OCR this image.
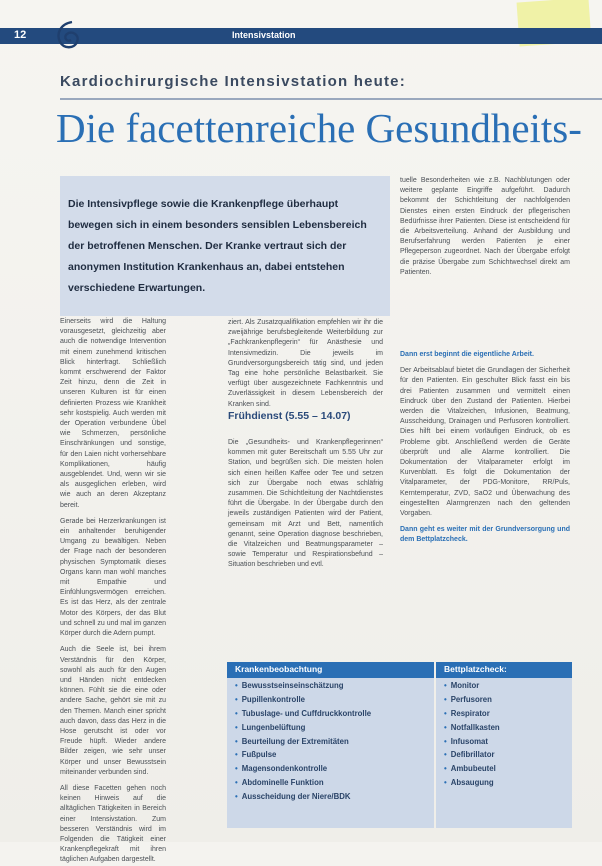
12	Intensivstation
Kardiochirurgische Intensivstation heute:
Die facettenreiche Gesundheits-
Die Intensivpflege sowie die Krankenpflege überhaupt bewegen sich in einem besonders sensiblen Lebensbereich der betroffenen Menschen. Der Kranke vertraut sich der anonymen Institution Krankenhaus an, dabei entstehen verschiedene Erwartungen.

Einerseits wird die Haltung vorausgesetzt, gleichzeitig aber auch die notwendige Intervention mit einem zunehmend kritischen Blick hinterfragt. Schließlich kommt erschwerend der Faktor Zeit hinzu, denn die Zeit in unseren Kulturen ist für einen definierten Prozess wie Krankheit sehr kostspielig. Auch werden mit der Operation verbundene Übel wie Schmerzen, persönliche Einschränkungen und sonstige, für den Laien nicht vorhersehbare Komplikationen, häufig ausgeblendet. Und, wenn wir sie als ausgeglichen erleben, wird wie auch an deren Akzeptanz bereit.

Gerade bei Herzerkrankungen ist ein anhaltender beruhigender Umgang zu bewältigen. Neben der Frage nach der besonderen physischen Symptomatik dieses Organs kann man wohl manches mit Empathie und Einfühlungsvermögen erreichen. Es ist das Herz, als der zentrale Motor des Körpers, der das Blut und schnell zu und mal im ganzen Körper durch die Adern pumpt.

Auch die Seele ist, bei ihrem Verständnis für den Körper, sowohl als auch für den Augen und Händen nicht entdecken können. Fühlt sie die eine oder andere Sache, gehört sie mit zu den Themen. Manch einer spricht auch davon, dass das Herz in die Hose gerutscht ist oder vor Freude hüpft. Wieder andere Bilder zeigen, wie sehr unser Körper und unser Bewusstsein miteinander verbunden sind.

All diese Facetten gehen noch keinen Hinweis auf die alltäglichen Tätigkeiten in Bereich einer Intensivstation. Zum besseren Verständnis wird im Folgenden die Tätigkeit einer Krankenpflegekraft mit ihren täglichen Aufgaben dargestellt.

ziert. Als Zusatzqualifikation empfehlen wir ihr die zweijährige berufsbegleitende Weiterbildung zur „Fachkrankenpflegerin“ für Anästhesie und Intensivmedizin. Die jeweils im Grundversorgungsbereich tätig sind, und jeden Tag eine hohe persönliche Belastbarkeit. Sie verfügt über ausgezeichnete Fachkenntnis und Zuverlässigkeit in diesem Lebensbereich der Kranken sind.

Frühdienst (5.55 – 14.07)

Die „Gesundheits- und Krankenpflegerinnen“ kommen mit guter Bereitschaft um 5.55 Uhr zur Station, und begrüßen sich. Die meisten holen sich einen heißen Kaffee oder Tee und setzen sich zur Übergabe noch etwas schläfrig zusammen. Die Schichtleitung der Nachtdienstes führt die Übergabe. In der Übergabe durch den jeweils zuständigen Patienten wird der Patient, gemeinsam mit Arzt und Bett, namentlich genannt, seine Operation diagnose beschrieben, die Vitalzeichen und Beatmungsparameter – sowie Temperatur und Respirationsbefund – Situation beschrieben und evtl.

tuelle Besonderheiten wie z.B. Nachblutungen oder weitere geplante Eingriffe aufgeführt. Dadurch bekommt der Schichtleitung der nachfolgenden Dienstes einen ersten Eindruck der pflegerischen Bedürfnisse ihrer Patienten. Diese ist entscheidend für die Arbeitsverteilung. Anhand der Ausbildung und Berufserfahrung werden Patienten je einer Pflegeperson zugeordnet. Nach der Übergabe erfolgt die präzise Übergabe zum Schichtwechsel direkt am Patienten.

Dann erst beginnt die eigentliche Arbeit.

Der Arbeitsablauf bietet die Grundlagen der Sicherheit für den Patienten. Ein geschulter Blick fasst ein bis drei Patienten zusammen und vermittelt einen Eindruck über den Zustand der Patienten. Hierbei werden die Vitalzeichen, Infusionen, Beatmung, Ausscheidung, Drainagen und Perfusoren kontrolliert. Dies hilft bei einem vorläufigen Eindruck, ob es Probleme gibt. Anschließend werden die Geräte überprüft und alle Alarme kontrolliert. Die Dokumentation der Vitalparameter erfolgt im Kurvenblatt. Es folgt die Dokumentation der Vitalparameter, der PDG-Monitore, RR/Puls, Kerntemperatur, ZVD, SaO2 und Überwachung des eingestellten Alarmgrenzen nach den geltenden Vorgaben.

Dann geht es weiter mit der Grundversorgung und dem Bettplatzcheck.

Krankenbeobachtung	Bettplatzcheck:
• Bewusstseinseinschätzung
• Pupillenkontrolle
• Tubuslage- und Cuffdruckkontrolle
• Lungenbelüftung
• Beurteilung der Extremitäten
• Fußpulse
• Magensondenkontrolle
• Abdominelle Funktion
• Ausscheidung der Niere/BDK
• Monitor
• Perfusoren
• Respirator
• Notfallkasten
• Infusomat
• Defibrillator
• Ambubeutel
• Absaugung
